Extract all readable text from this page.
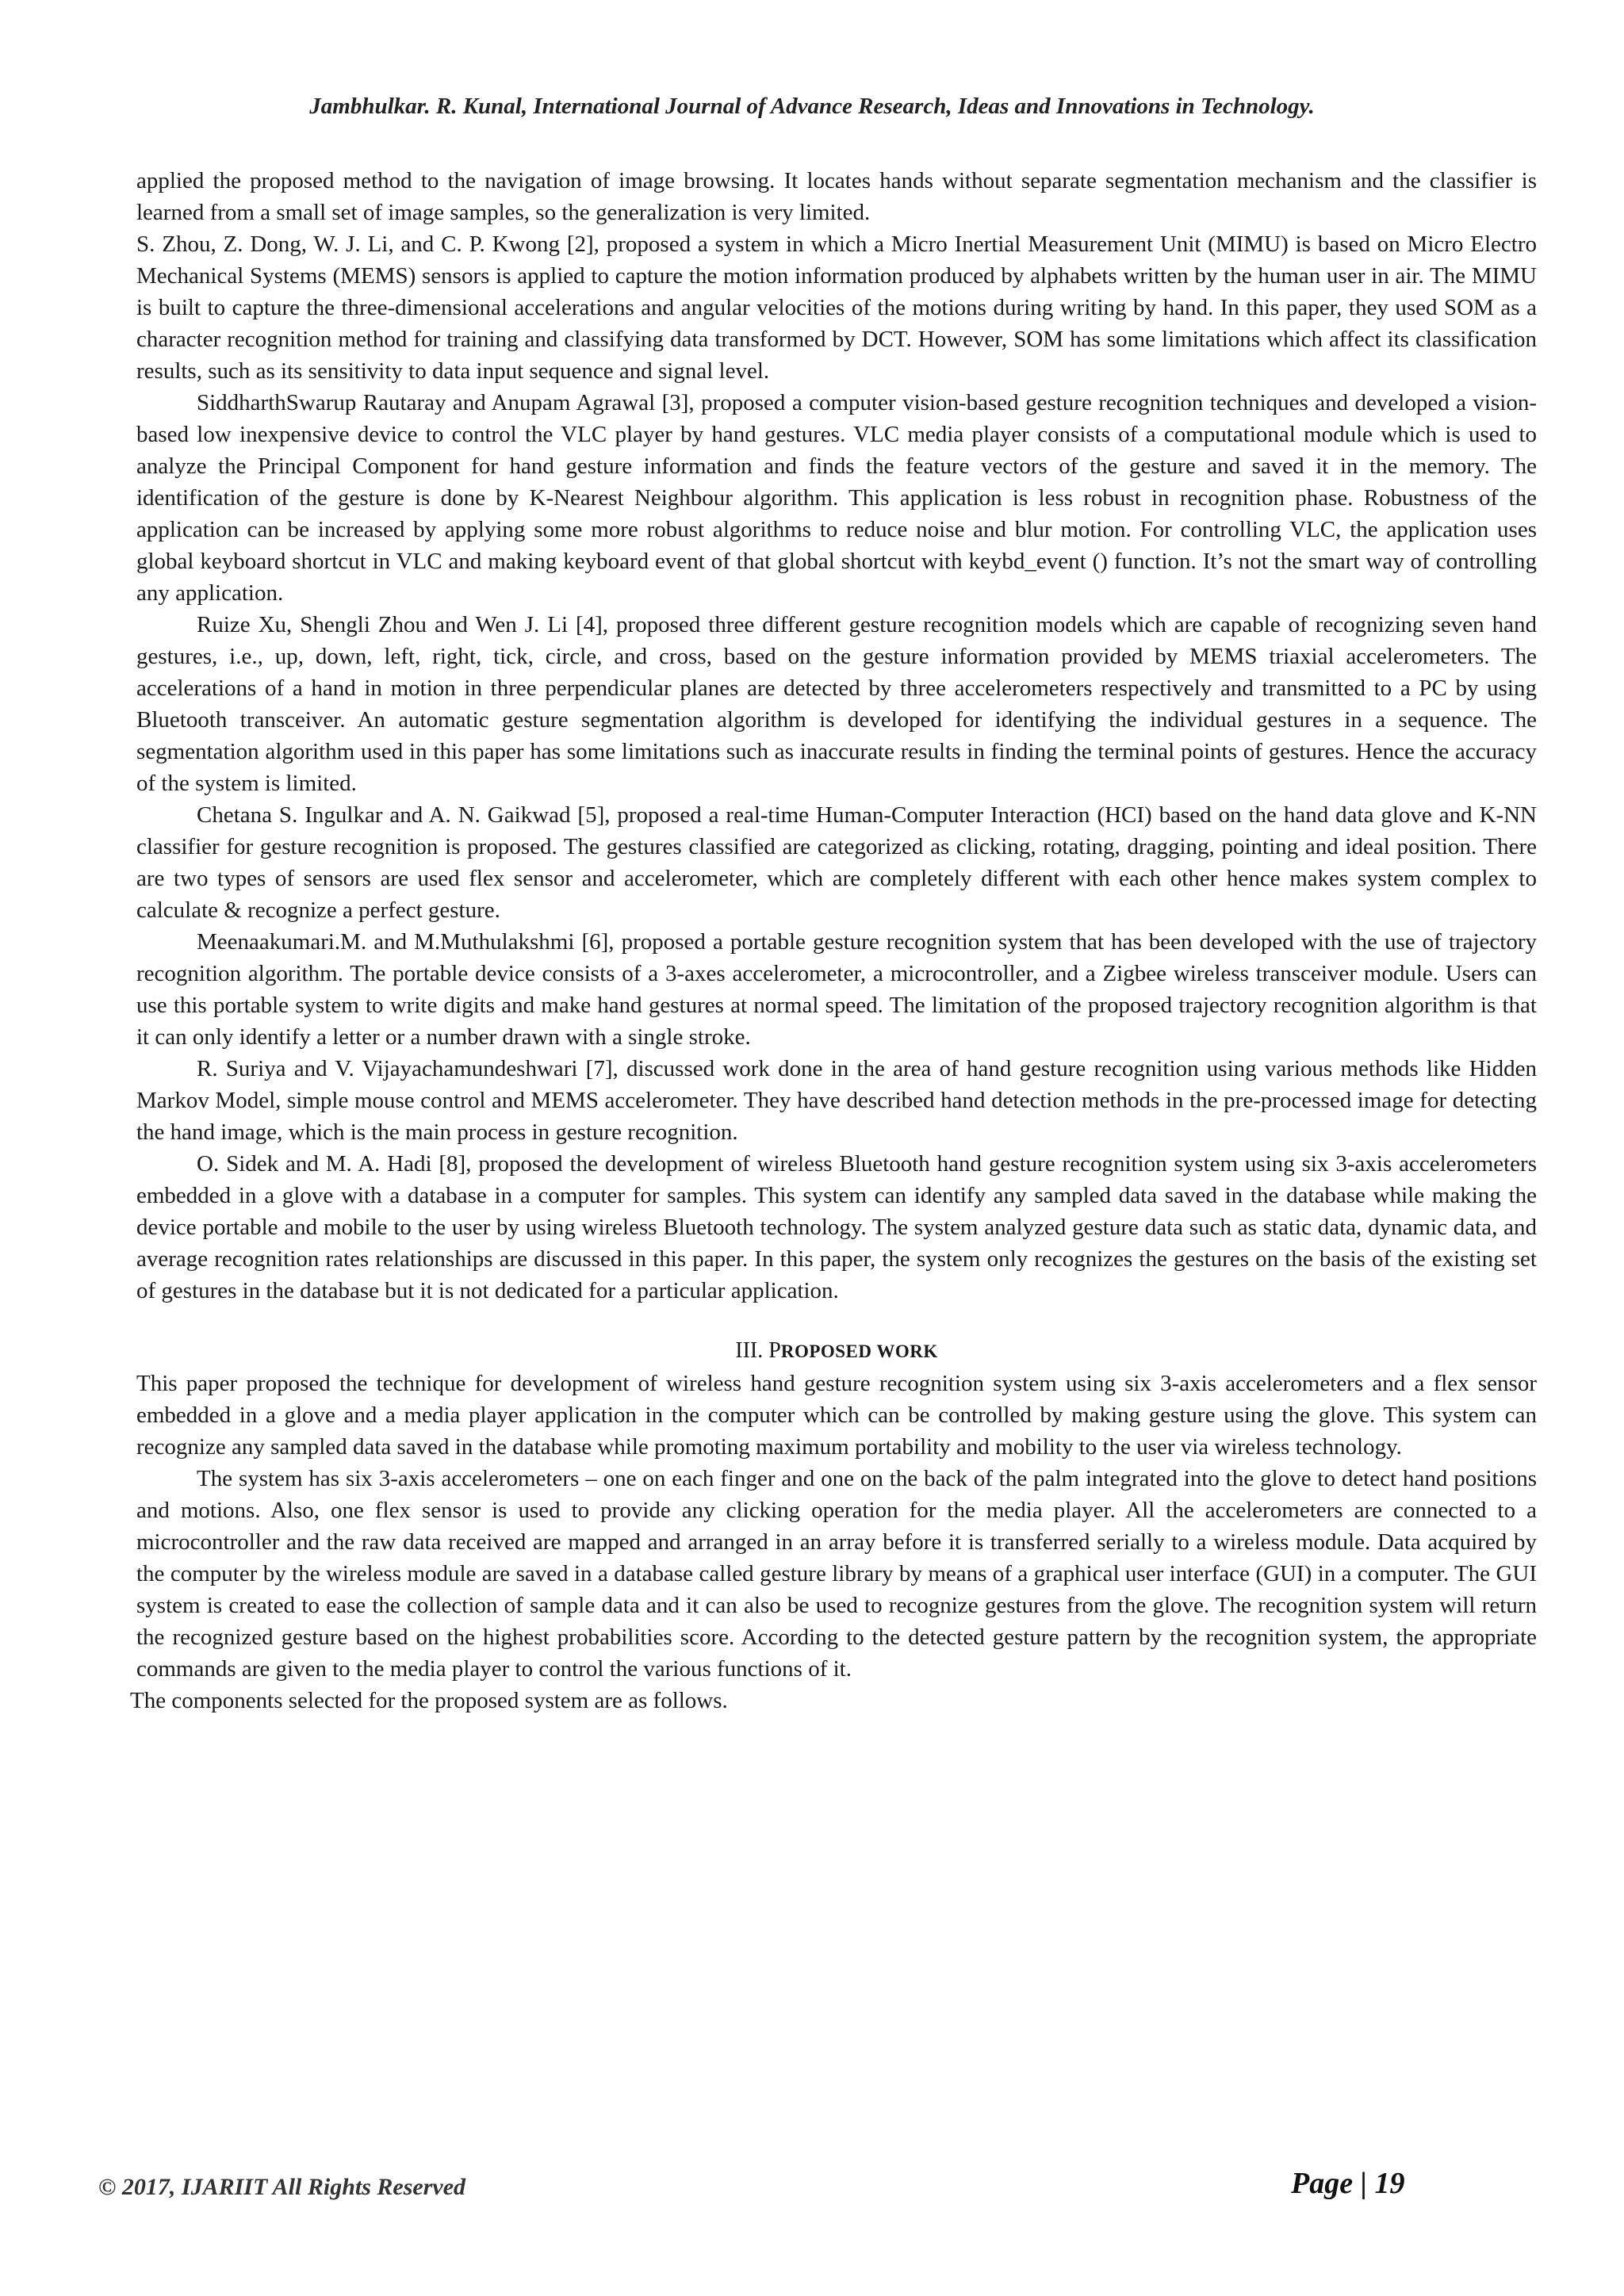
Jambhulkar. R. Kunal, International Journal of Advance Research, Ideas and Innovations in Technology.

applied the proposed method to the navigation of image browsing. It locates hands without separate segmentation mechanism and the classifier is learned from a small set of image samples, so the generalization is very limited.

S. Zhou, Z. Dong, W. J. Li, and C. P. Kwong [2], proposed a system in which a Micro Inertial Measurement Unit (MIMU) is based on Micro Electro Mechanical Systems (MEMS) sensors is applied to capture the motion information produced by alphabets written by the human user in air. The MIMU is built to capture the three-dimensional accelerations and angular velocities of the motions during writing by hand. In this paper, they used SOM as a character recognition method for training and classifying data transformed by DCT. However, SOM has some limitations which affect its classification results, such as its sensitivity to data input sequence and signal level.

SiddharthSwarup Rautaray and Anupam Agrawal [3], proposed a computer vision-based gesture recognition techniques and developed a vision-based low inexpensive device to control the VLC player by hand gestures. VLC media player consists of a computational module which is used to analyze the Principal Component for hand gesture information and finds the feature vectors of the gesture and saved it in the memory. The identification of the gesture is done by K-Nearest Neighbour algorithm. This application is less robust in recognition phase. Robustness of the application can be increased by applying some more robust algorithms to reduce noise and blur motion. For controlling VLC, the application uses global keyboard shortcut in VLC and making keyboard event of that global shortcut with keybd_event () function. It’s not the smart way of controlling any application.

Ruize Xu, Shengli Zhou and Wen J. Li [4], proposed three different gesture recognition models which are capable of recognizing seven hand gestures, i.e., up, down, left, right, tick, circle, and cross, based on the gesture information provided by MEMS triaxial accelerometers. The accelerations of a hand in motion in three perpendicular planes are detected by three accelerometers respectively and transmitted to a PC by using Bluetooth transceiver. An automatic gesture segmentation algorithm is developed for identifying the individual gestures in a sequence. The segmentation algorithm used in this paper has some limitations such as inaccurate results in finding the terminal points of gestures. Hence the accuracy of the system is limited.

Chetana S. Ingulkar and A. N. Gaikwad [5], proposed a real-time Human-Computer Interaction (HCI) based on the hand data glove and K-NN classifier for gesture recognition is proposed. The gestures classified are categorized as clicking, rotating, dragging, pointing and ideal position. There are two types of sensors are used flex sensor and accelerometer, which are completely different with each other hence makes system complex to calculate & recognize a perfect gesture.

Meenaakumari.M. and M.Muthulakshmi [6], proposed a portable gesture recognition system that has been developed with the use of trajectory recognition algorithm. The portable device consists of a 3-axes accelerometer, a microcontroller, and a Zigbee wireless transceiver module. Users can use this portable system to write digits and make hand gestures at normal speed. The limitation of the proposed trajectory recognition algorithm is that it can only identify a letter or a number drawn with a single stroke.

R. Suriya and V. Vijayachamundeshwari [7], discussed work done in the area of hand gesture recognition using various methods like Hidden Markov Model, simple mouse control and MEMS accelerometer. They have described hand detection methods in the pre-processed image for detecting the hand image, which is the main process in gesture recognition.

O. Sidek and M. A. Hadi [8], proposed the development of wireless Bluetooth hand gesture recognition system using six 3-axis accelerometers embedded in a glove with a database in a computer for samples. This system can identify any sampled data saved in the database while making the device portable and mobile to the user by using wireless Bluetooth technology. The system analyzed gesture data such as static data, dynamic data, and average recognition rates relationships are discussed in this paper. In this paper, the system only recognizes the gestures on the basis of the existing set of gestures in the database but it is not dedicated for a particular application.

III. PROPOSED WORK

This paper proposed the technique for development of wireless hand gesture recognition system using six 3-axis accelerometers and a flex sensor embedded in a glove and a media player application in the computer which can be controlled by making gesture using the glove. This system can recognize any sampled data saved in the database while promoting maximum portability and mobility to the user via wireless technology.

The system has six 3-axis accelerometers – one on each finger and one on the back of the palm integrated into the glove to detect hand positions and motions. Also, one flex sensor is used to provide any clicking operation for the media player. All the accelerometers are connected to a microcontroller and the raw data received are mapped and arranged in an array before it is transferred serially to a wireless module. Data acquired by the computer by the wireless module are saved in a database called gesture library by means of a graphical user interface (GUI) in a computer. The GUI system is created to ease the collection of sample data and it can also be used to recognize gestures from the glove. The recognition system will return the recognized gesture based on the highest probabilities score. According to the detected gesture pattern by the recognition system, the appropriate commands are given to the media player to control the various functions of it.

The components selected for the proposed system are as follows.

© 2017, IJARIIT All Rights Reserved	Page | 19
